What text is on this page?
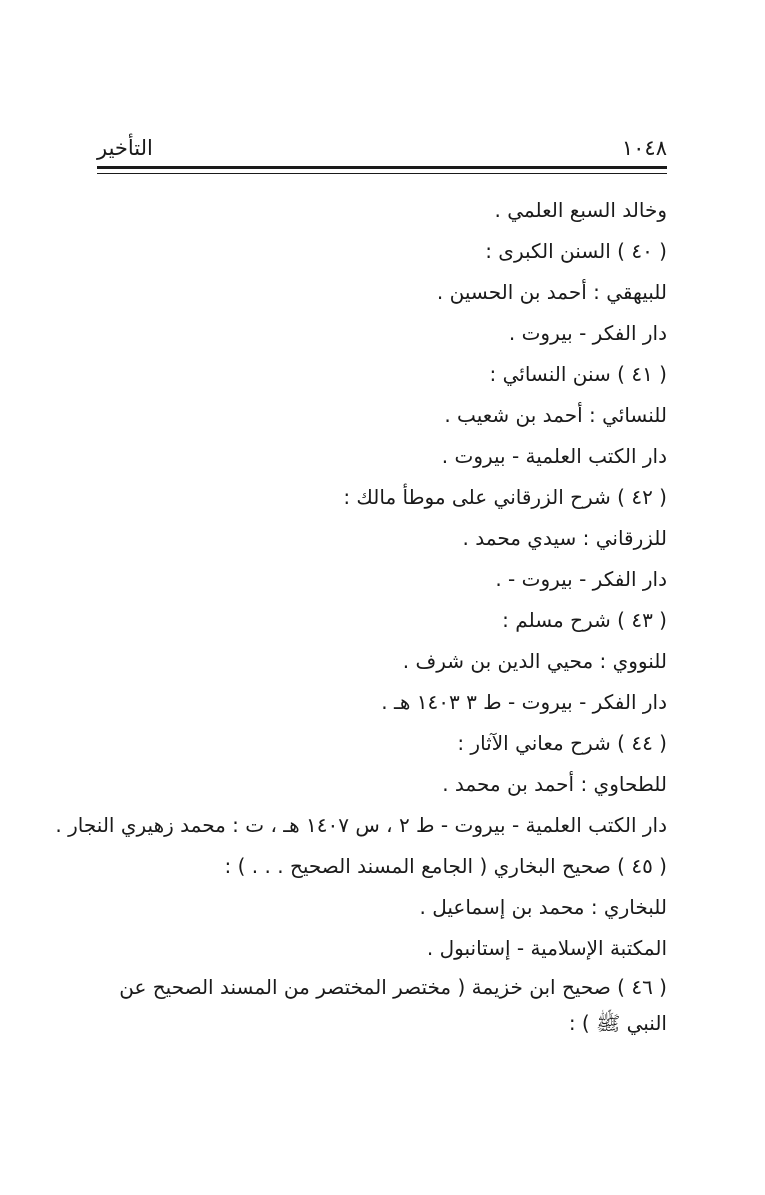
١٠٤٨
التأخير
وخالد السبع العلمي .
( ٤٠ ) السنن الكبرى :
للبيهقي : أحمد بن الحسين .
دار الفكر - بيروت .
( ٤١ ) سنن النسائي :
للنسائي : أحمد بن شعيب .
دار الكتب العلمية - بيروت .
( ٤٢ ) شرح الزرقاني على موطأ مالك :
للزرقاني : سيدي محمد .
دار الفكر - بيروت - .
( ٤٣ ) شرح مسلم :
للنووي : محيي الدين بن شرف .
دار الفكر - بيروت - ط ٣ ١٤٠٣ هـ .
( ٤٤ ) شرح معاني الآثار :
للطحاوي : أحمد بن محمد .
دار الكتب العلمية - بيروت - ط ٢ ، س ١٤٠٧ هـ ، ت : محمد زهيري النجار .
( ٤٥ ) صحيح البخاري ( الجامع المسند الصحيح . . . ) :
للبخاري : محمد بن إسماعيل .
المكتبة الإسلامية - إستانبول .
( ٤٦ ) صحيح ابن خزيمة ( مختصر المختصر من المسند الصحيح عن النبي ﷺ ) :
